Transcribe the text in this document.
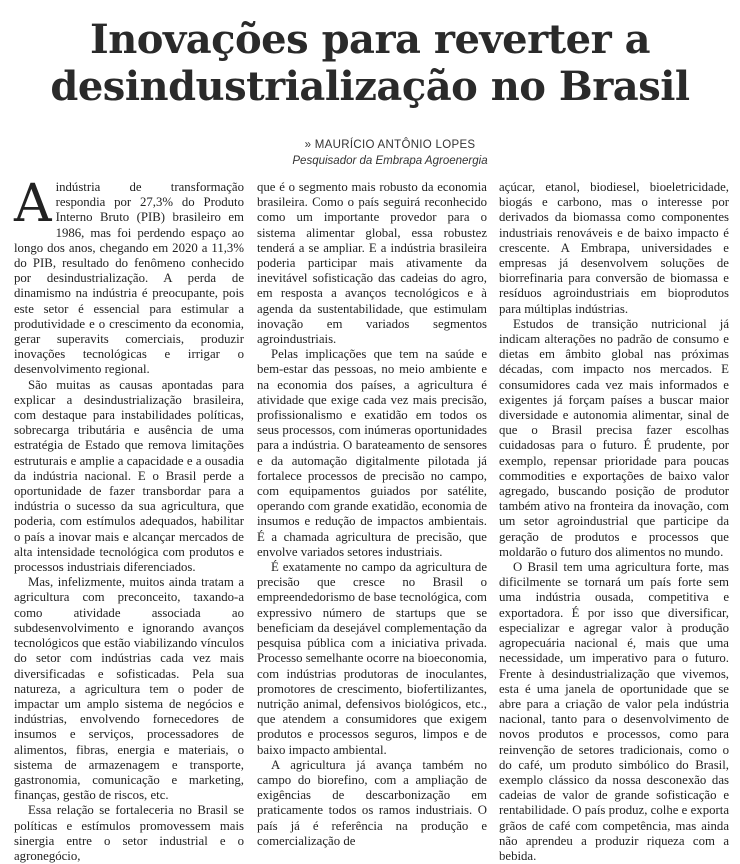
Inovações para reverter a desindustrialização no Brasil
» MAURÍCIO ANTÔNIO LOPES
Pesquisador da Embrapa Agroenergia
A indústria de transformação respondia por 27,3% do Produto Interno Bruto (PIB) brasileiro em 1986, mas foi perdendo espaço ao longo dos anos, chegando em 2020 a 11,3% do PIB, resultado do fenômeno conhecido por desindustrialização. A perda de dinamismo na indústria é preocupante, pois este setor é essencial para estimular a produtividade e o crescimento da economia, gerar superavits comerciais, produzir inovações tecnológicas e irrigar o desenvolvimento regional.

São muitas as causas apontadas para explicar a desindustrialização brasileira, com destaque para instabilidades políticas, sobrecarga tributária e ausência de uma estratégia de Estado que remova limitações estruturais e amplie a capacidade e a ousadia da indústria nacional. E o Brasil perde a oportunidade de fazer transbordar para a indústria o sucesso da sua agricultura, que poderia, com estímulos adequados, habilitar o país a inovar mais e alcançar mercados de alta intensidade tecnológica com produtos e processos industriais diferenciados.

Mas, infelizmente, muitos ainda tratam a agricultura com preconceito, taxando-a como atividade associada ao subdesenvolvimento e ignorando avanços tecnológicos que estão viabilizando vínculos do setor com indústrias cada vez mais diversificadas e sofisticadas. Pela sua natureza, a agricultura tem o poder de impactar um amplo sistema de negócios e indústrias, envolvendo fornecedores de insumos e serviços, processadores de alimentos, fibras, energia e materiais, o sistema de armazenagem e transporte, gastronomia, comunicação e marketing, finanças, gestão de riscos, etc.

Essa relação se fortaleceria no Brasil se políticas e estímulos promovessem mais sinergia entre o setor industrial e o agronegócio,

que é o segmento mais robusto da economia brasileira. Como o país seguirá reconhecido como um importante provedor para o sistema alimentar global, essa robustez tenderá a se ampliar. E a indústria brasileira poderia participar mais ativamente da inevitável sofisticação das cadeias do agro, em resposta a avanços tecnológicos e à agenda da sustentabilidade, que estimulam inovação em variados segmentos agroindustriais.

Pelas implicações que tem na saúde e bem-estar das pessoas, no meio ambiente e na economia dos países, a agricultura é atividade que exige cada vez mais precisão, profissionalismo e exatidão em todos os seus processos, com inúmeras oportunidades para a indústria. O barateamento de sensores e da automação digitalmente pilotada já fortalece processos de precisão no campo, com equipamentos guiados por satélite, operando com grande exatidão, economia de insumos e redução de impactos ambientais. É a chamada agricultura de precisão, que envolve variados setores industriais.

É exatamente no campo da agricultura de precisão que cresce no Brasil o empreendedorismo de base tecnológica, com expressivo número de startups que se beneficiam da desejável complementação da pesquisa pública com a iniciativa privada. Processo semelhante ocorre na bioeconomia, com indústrias produtoras de inoculantes, promotores de crescimento, biofertilizantes, nutrição animal, defensivos biológicos, etc., que atendem a consumidores que exigem produtos e processos seguros, limpos e de baixo impacto ambiental.

A agricultura já avança também no campo do biorefino, com a ampliação de exigências de descarbonização em praticamente todos os ramos industriais. O país já é referência na produção e comercialização de

açúcar, etanol, biodiesel, bioeletricidade, biogás e carbono, mas o interesse por derivados da biomassa como componentes industriais renováveis e de baixo impacto é crescente. A Embrapa, universidades e empresas já desenvolvem soluções de biorrefinaria para conversão de biomassa e resíduos agroindustriais em bioprodutos para múltiplas indústrias.

Estudos de transição nutricional já indicam alterações no padrão de consumo e dietas em âmbito global nas próximas décadas, com impacto nos mercados. E consumidores cada vez mais informados e exigentes já forçam países a buscar maior diversidade e autonomia alimentar, sinal de que o Brasil precisa fazer escolhas cuidadosas para o futuro. É prudente, por exemplo, repensar prioridade para poucas commodities e exportações de baixo valor agregado, buscando posição de produtor também ativo na fronteira da inovação, com um setor agroindustrial que participe da geração de produtos e processos que moldarão o futuro dos alimentos no mundo.

O Brasil tem uma agricultura forte, mas dificilmente se tornará um país forte sem uma indústria ousada, competitiva e exportadora. É por isso que diversificar, especializar e agregar valor à produção agropecuária nacional é, mais que uma necessidade, um imperativo para o futuro. Frente à desindustrialização que vivemos, esta é uma janela de oportunidade que se abre para a criação de valor pela indústria nacional, tanto para o desenvolvimento de novos produtos e processos, como para reinvenção de setores tradicionais, como o do café, um produto simbólico do Brasil, exemplo clássico da nossa desconexão das cadeias de valor de grande sofisticação e rentabilidade. O país produz, colhe e exporta grãos de café com competência, mas ainda não aprendeu a produzir riqueza com a bebida.
